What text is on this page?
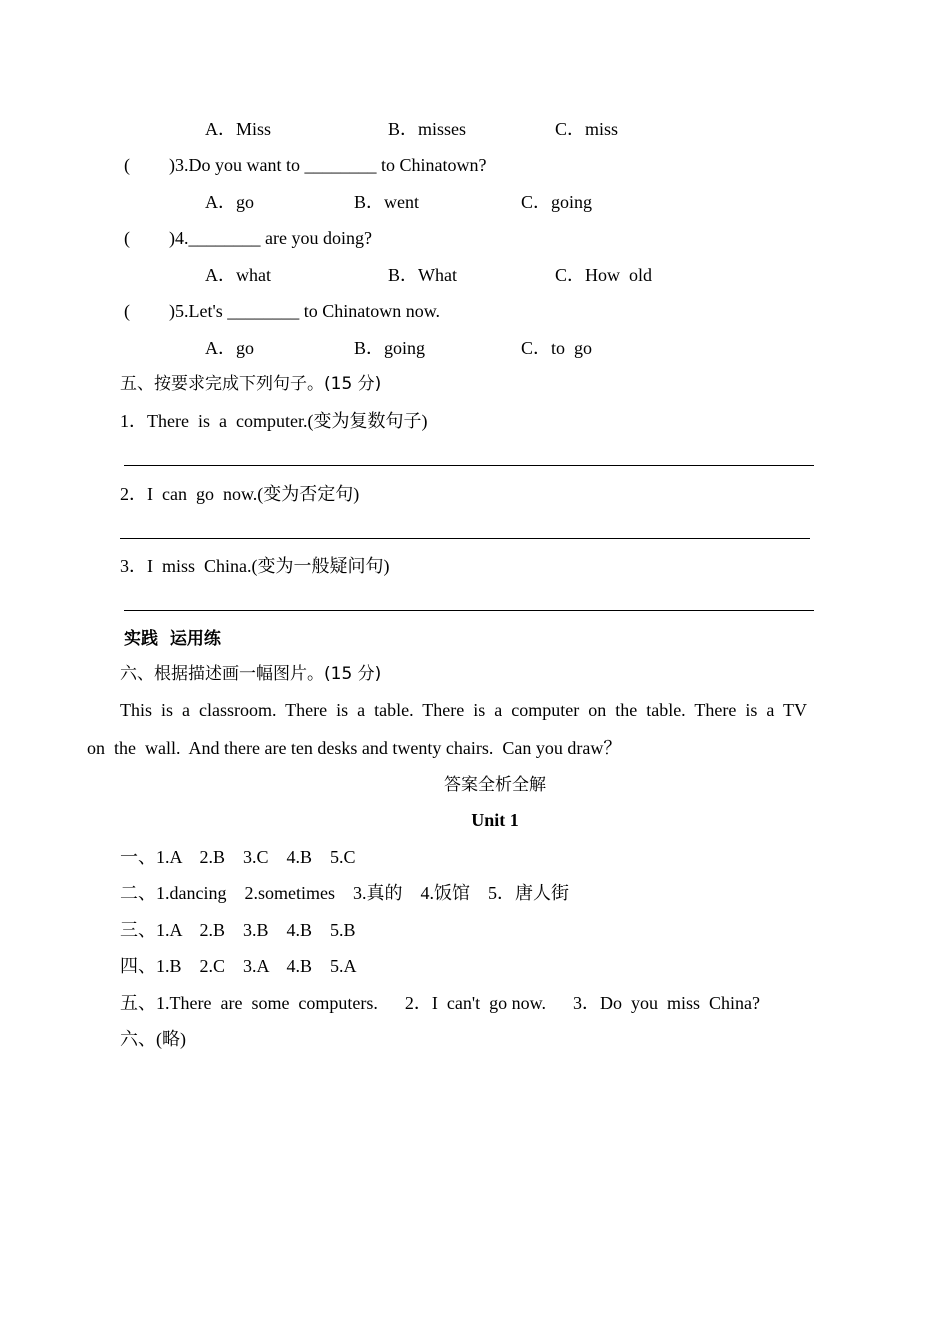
A．Miss	B．misses	C．miss
( )3.Do you want to ________ to Chinatown?
A．go	B．went	C．going
( )4.________ are you doing?
A．what	B．What	C．How  old
( )5.Let's ________ to Chinatown now.
A．go	B．going	C．to  go
五、按要求完成下列句子。(15 分)
1．There  is  a  computer.(变为复数句子)
2．I  can  go  now.(变为否定句)
3．I  miss  China.(变为一般疑问句)
实践  运用练
六、根据描述画一幅图片。(15 分)
This  is  a  classroom.  There  is  a  table.  There  is  a  computer  on  the  table.  There  is  a  TV
on  the  wall.  And there are ten desks and twenty chairs.  Can you draw？
答案全析全解
Unit 1
一、1.A    2.B    3.C    4.B    5.C
二、1.dancing    2.sometimes    3.真的    4.饭馆    5．唐人街
三、1.A    2.B    3.B    4.B    5.B
四、1.B    2.C    3.A    4.B    5.A
五、1.There  are  some  computers.      2．I  can't  go now.      3．Do  you  miss  China?
六、(略)
